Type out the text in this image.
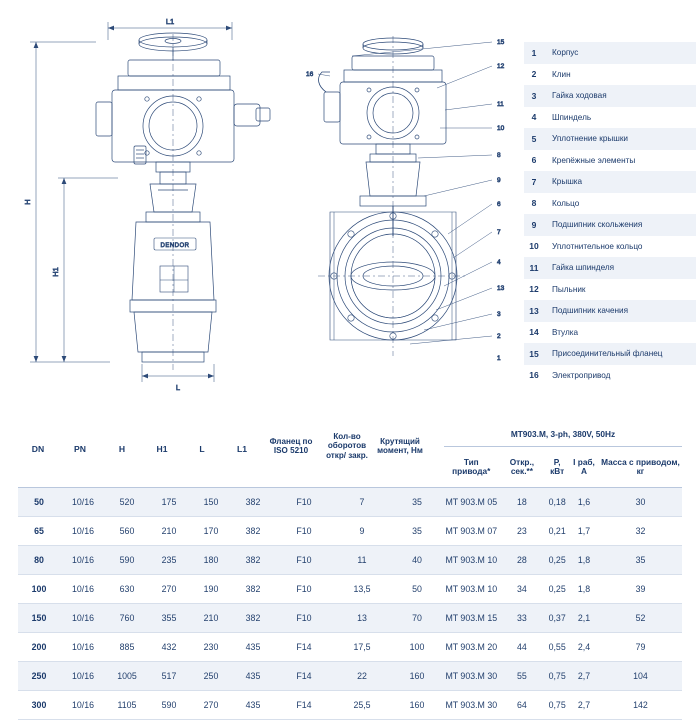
L1
H
H1
L
DENDOR
15
12
11
10
8
9
6
7
4
13
3
2
1
16
1	Корпус
2	Клин
3	Гайка ходовая
4	Шпиндель
5	Уплотнение крышки
6	Крепёжные элементы
7	Крышка
8	Кольцо
9	Подшипник скольжения
10	Уплотнительное кольцо
11	Гайка шпинделя
12	Пыльник
13	Подшипник качения
14	Втулка
15	Присоединительный фланец
16	Электропривод
									MT903.M, 3-ph, 380V, 50Hz				
									Тип привода*	Откр., сек.**	P, кВт	I раб, А	Масса с приводом, кг
50	10/16	520	175	150	382	F10	7	35	MT 903.M 05	18	0,18	1,6	30
65	10/16	560	210	170	382	F10	9	35	MT 903.M 07	23	0,21	1,7	32
80	10/16	590	235	180	382	F10	11	40	MT 903.M 10	28	0,25	1,8	35
100	10/16	630	270	190	382	F10	13,5	50	MT 903.M 10	34	0,25	1,8	39
150	10/16	760	355	210	382	F10	13	70	MT 903.M 15	33	0,37	2,1	52
200	10/16	885	432	230	435	F14	17,5	100	MT 903.M 20	44	0,55	2,4	79
250	10/16	1005	517	250	435	F14	22	160	MT 903.M 30	55	0,75	2,7	104
300	10/16	1105	590	270	435	F14	25,5	160	MT 903.M 30	64	0,75	2,7	142
DN	PN	H	H1	L	L1
Фланец по ISO 5210
Кол-во оборотов откр/ закр.
Крутящий момент, Нм
